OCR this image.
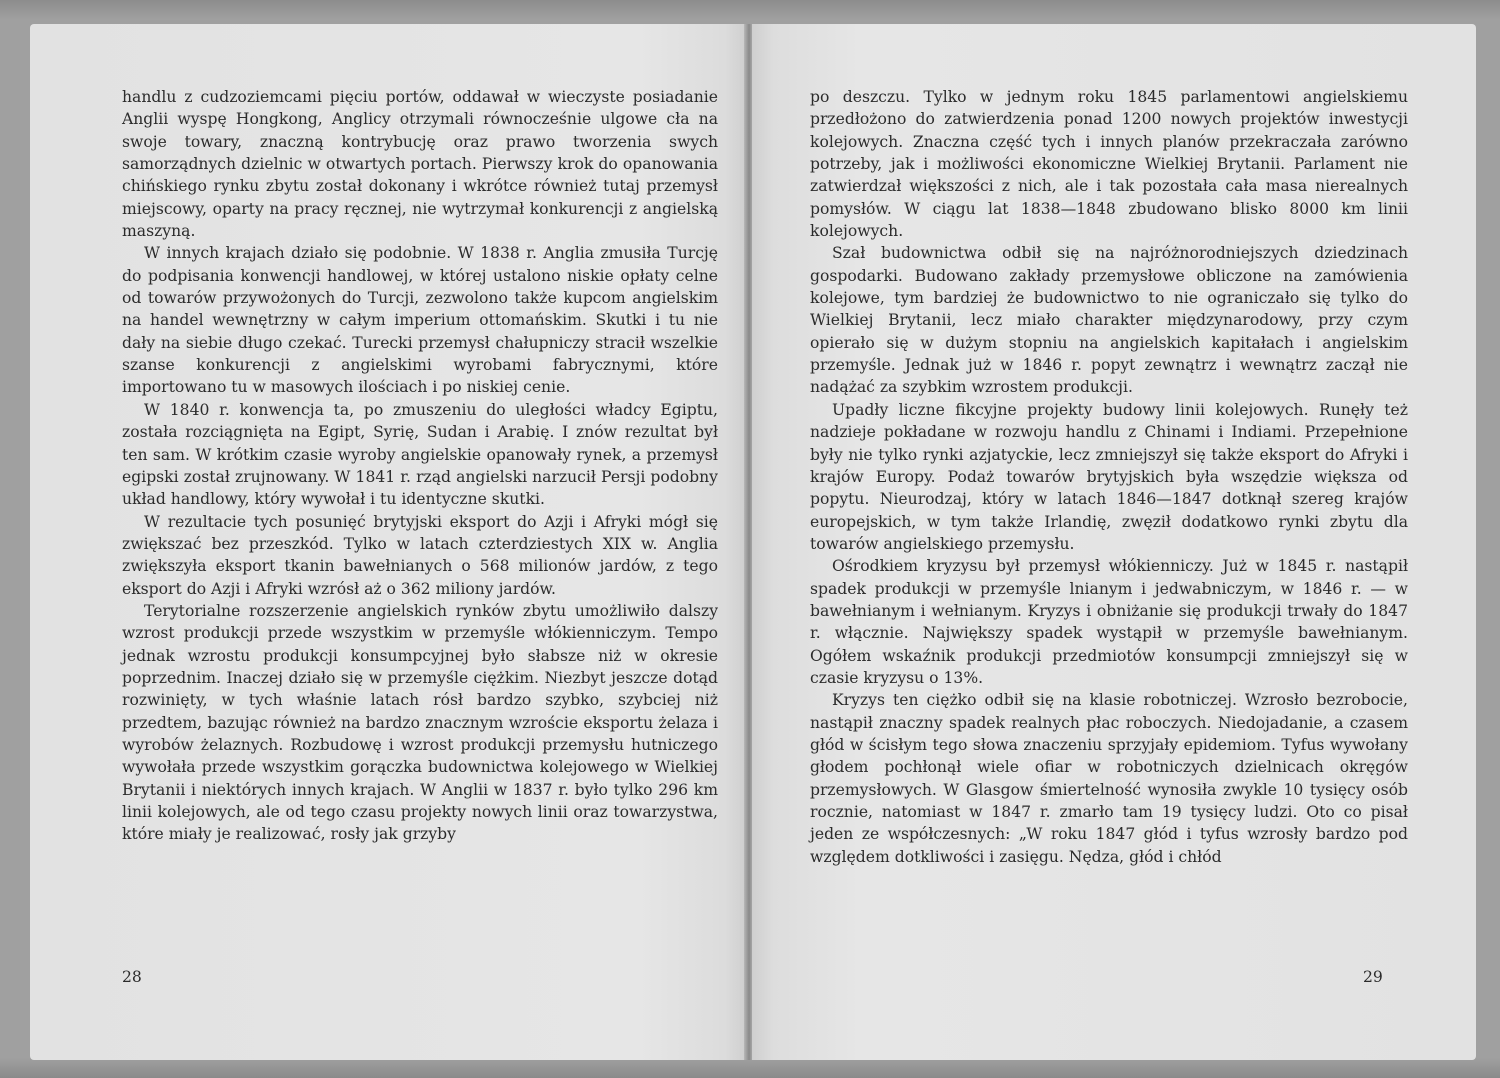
handlu z cudzoziemcami pięciu portów, oddawał w wieczyste posiadanie Anglii wyspę Hongkong, Anglicy otrzymali równocześnie ulgowe cła na swoje towary, znaczną kontrybucję oraz prawo tworzenia swych samorządnych dzielnic w otwartych portach. Pierwszy krok do opanowania chińskiego rynku zbytu został dokonany i wkrótce również tutaj przemysł miejscowy, oparty na pracy ręcznej, nie wytrzymał konkurencji z angielską maszyną.

W innych krajach działo się podobnie. W 1838 r. Anglia zmusiła Turcję do podpisania konwencji handlowej, w której ustalono niskie opłaty celne od towarów przywożonych do Turcji, zezwolono także kupcom angielskim na handel wewnętrzny w całym imperium ottomańskim. Skutki i tu nie dały na siebie długo czekać. Turecki przemysł chałupniczy stracił wszelkie szanse konkurencji z angielskimi wyrobami fabrycznymi, które importowano tu w masowych ilościach i po niskiej cenie.

W 1840 r. konwencja ta, po zmuszeniu do uległości władcy Egiptu, została rozciągnięta na Egipt, Syrię, Sudan i Arabię. I znów rezultat był ten sam. W krótkim czasie wyroby angielskie opanowały rynek, a przemysł egipski został zrujnowany. W 1841 r. rząd angielski narzucił Persji podobny układ handlowy, który wywołał i tu identyczne skutki.

W rezultacie tych posunięć brytyjski eksport do Azji i Afryki mógł się zwiększać bez przeszkód. Tylko w latach czterdziestych XIX w. Anglia zwiększyła eksport tkanin bawełnianych o 568 milionów jardów, z tego eksport do Azji i Afryki wzrósł aż o 362 miliony jardów.

Terytorialne rozszerzenie angielskich rynków zbytu umożliwiło dalszy wzrost produkcji przede wszystkim w przemyśle włókienniczym. Tempo jednak wzrostu produkcji konsumpcyjnej było słabsze niż w okresie poprzednim. Inaczej działo się w przemyśle ciężkim. Niezbyt jeszcze dotąd rozwinięty, w tych właśnie latach rósł bardzo szybko, szybciej niż przedtem, bazując również na bardzo znacznym wzroście eksportu żelaza i wyrobów żelaznych. Rozbudowę i wzrost produkcji przemysłu hutniczego wywołała przede wszystkim gorączka budownictwa kolejowego w Wielkiej Brytanii i niektórych innych krajach. W Anglii w 1837 r. było tylko 296 km linii kolejowych, ale od tego czasu projekty nowych linii oraz towarzystwa, które miały je realizować, rosły jak grzyby

28

po deszczu. Tylko w jednym roku 1845 parlamentowi angielskiemu przedłożono do zatwierdzenia ponad 1200 nowych projektów inwestycji kolejowych. Znaczna część tych i innych planów przekraczała zarówno potrzeby, jak i możliwości ekonomiczne Wielkiej Brytanii. Parlament nie zatwierdzał większości z nich, ale i tak pozostała cała masa nierealnych pomysłów. W ciągu lat 1838—1848 zbudowano blisko 8000 km linii kolejowych.

Szał budownictwa odbił się na najróżnorodniejszych dziedzinach gospodarki. Budowano zakłady przemysłowe obliczone na zamówienia kolejowe, tym bardziej że budownictwo to nie ograniczało się tylko do Wielkiej Brytanii, lecz miało charakter międzynarodowy, przy czym opierało się w dużym stopniu na angielskich kapitałach i angielskim przemyśle. Jednak już w 1846 r. popyt zewnątrz i wewnątrz zaczął nie nadążać za szybkim wzrostem produkcji.

Upadły liczne fikcyjne projekty budowy linii kolejowych. Runęły też nadzieje pokładane w rozwoju handlu z Chinami i Indiami. Przepełnione były nie tylko rynki azjatyckie, lecz zmniejszył się także eksport do Afryki i krajów Europy. Podaż towarów brytyjskich była wszędzie większa od popytu. Nieurodzaj, który w latach 1846—1847 dotknął szereg krajów europejskich, w tym także Irlandię, zwęził dodatkowo rynki zbytu dla towarów angielskiego przemysłu.

Ośrodkiem kryzysu był przemysł włókienniczy. Już w 1845 r. nastąpił spadek produkcji w przemyśle lnianym i jedwabniczym, w 1846 r. — w bawełnianym i wełnianym. Kryzys i obniżanie się produkcji trwały do 1847 r. włącznie. Największy spadek wystąpił w przemyśle bawełnianym. Ogółem wskaźnik produkcji przedmiotów konsumpcji zmniejszył się w czasie kryzysu o 13%.

Kryzys ten ciężko odbił się na klasie robotniczej. Wzrosło bezrobocie, nastąpił znaczny spadek realnych płac roboczych. Niedojadanie, a czasem głód w ścisłym tego słowa znaczeniu sprzyjały epidemiom. Tyfus wywołany głodem pochłonął wiele ofiar w robotniczych dzielnicach okręgów przemysłowych. W Glasgow śmiertelność wynosiła zwykle 10 tysięcy osób rocznie, natomiast w 1847 r. zmarło tam 19 tysięcy ludzi. Oto co pisał jeden ze współczesnych: „W roku 1847 głód i tyfus wzrosły bardzo pod względem dotkliwości i zasięgu. Nędza, głód i chłód

29
